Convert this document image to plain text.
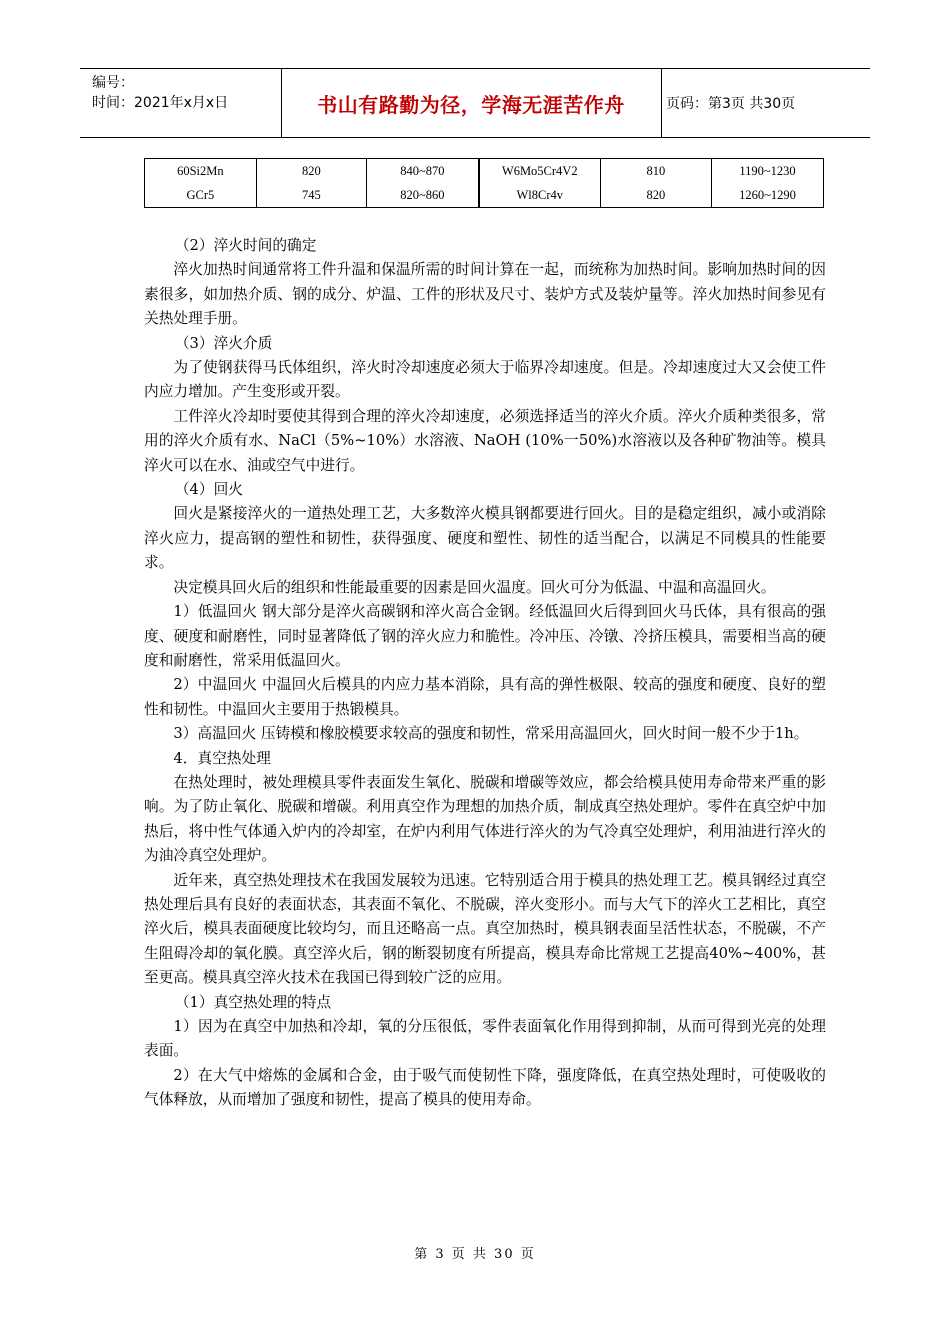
编号：
时间：2021年x月x日	书山有路勤为径，学海无涯苦作舟	页码：第3页 共30页
60Si2Mn	820	840~870	W6Mo5Cr4V2	810	1190~1230
GCr5	745	820~860	Wl8Cr4v	820	1260~1290

（2）淬火时间的确定

淬火加热时间通常将工件升温和保温所需的时间计算在一起，而统称为加热时间。影响加热时间的因素很多，如加热介质、钢的成分、炉温、工件的形状及尺寸、装炉方式及装炉量等。淬火加热时间参见有关热处理手册。

（3）淬火介质

为了使钢获得马氏体组织，淬火时冷却速度必须大于临界冷却速度。但是。冷却速度过大又会使工件内应力增加。产生变形或开裂。

工件淬火冷却时要使其得到合理的淬火冷却速度，必须选择适当的淬火介质。淬火介质种类很多，常用的淬火介质有水、NaCl（5%~10%）水溶液、NaOH (10%一50%)水溶液以及各种矿物油等。模具淬火可以在水、油或空气中进行。

（4）回火

回火是紧接淬火的一道热处理工艺，大多数淬火模具钢都要进行回火。目的是稳定组织，减小或消除淬火应力，提高钢的塑性和韧性，获得强度、硬度和塑性、韧性的适当配合，以满足不同模具的性能要求。

决定模具回火后的组织和性能最重要的因素是回火温度。回火可分为低温、中温和高温回火。

1）低温回火 钢大部分是淬火高碳钢和淬火高合金钢。经低温回火后得到回火马氏体，具有很高的强度、硬度和耐磨性，同时显著降低了钢的淬火应力和脆性。冷冲压、冷镦、冷挤压模具，需要相当高的硬度和耐磨性，常采用低温回火。

2）中温回火 中温回火后模具的内应力基本消除，具有高的弹性极限、较高的强度和硬度、良好的塑性和韧性。中温回火主要用于热锻模具。

3）高温回火 压铸模和橡胶模要求较高的强度和韧性，常采用高温回火，回火时间一般不少于1h。

4．真空热处理

在热处理时，被处理模具零件表面发生氧化、脱碳和增碳等效应，都会给模具使用寿命带来严重的影响。为了防止氧化、脱碳和增碳。利用真空作为理想的加热介质，制成真空热处理炉。零件在真空炉中加热后，将中性气体通入炉内的冷却室，在炉内利用气体进行淬火的为气冷真空处理炉，利用油进行淬火的为油冷真空处理炉。

近年来，真空热处理技术在我国发展较为迅速。它特别适合用于模具的热处理工艺。模具钢经过真空热处理后具有良好的表面状态，其表面不氧化、不脱碳，淬火变形小。而与大气下的淬火工艺相比，真空淬火后，模具表面硬度比较均匀，而且还略高一点。真空加热时，模具钢表面呈活性状态，不脱碳，不产生阻碍冷却的氧化膜。真空淬火后，钢的断裂韧度有所提高，模具寿命比常规工艺提高40%~400%，甚至更高。模具真空淬火技术在我国已得到较广泛的应用。

（1）真空热处理的特点

1）因为在真空中加热和冷却，氧的分压很低，零件表面氧化作用得到抑制，从而可得到光亮的处理表面。

2）在大气中熔炼的金属和合金，由于吸气而使韧性下降，强度降低，在真空热处理时，可使吸收的气体释放，从而增加了强度和韧性，提高了模具的使用寿命。

第 3 页 共 30 页
